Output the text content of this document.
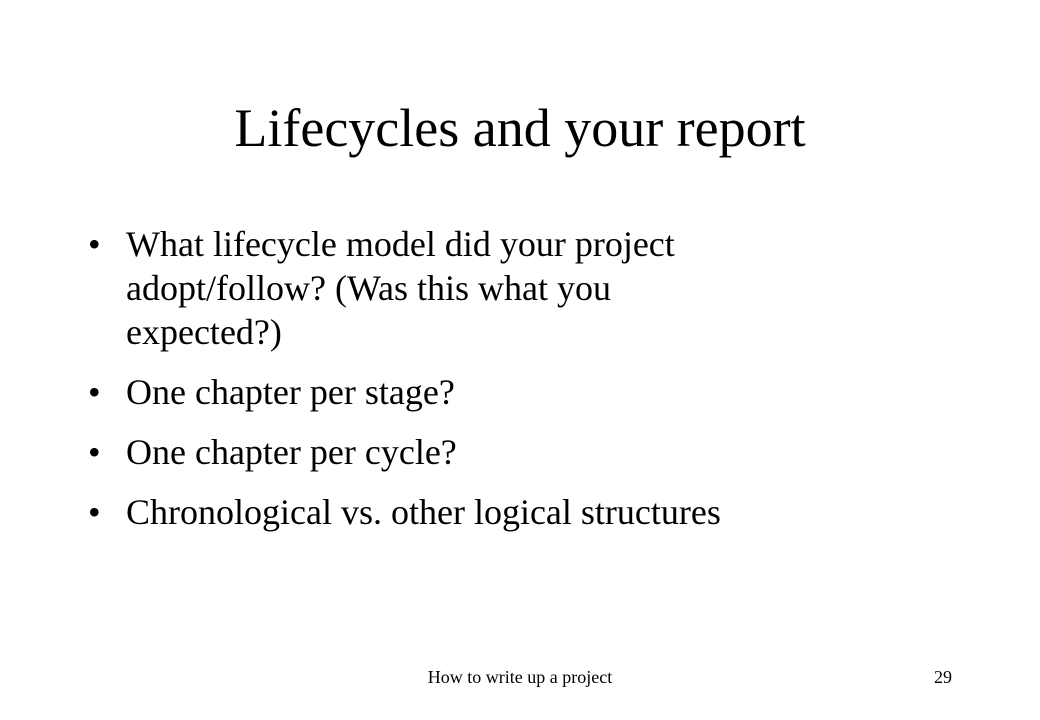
Lifecycles and your report
• What lifecycle model did your project adopt/follow? (Was this what you expected?)
• One chapter per stage?
• One chapter per cycle?
• Chronological vs. other logical structures
How to write up a project	29
